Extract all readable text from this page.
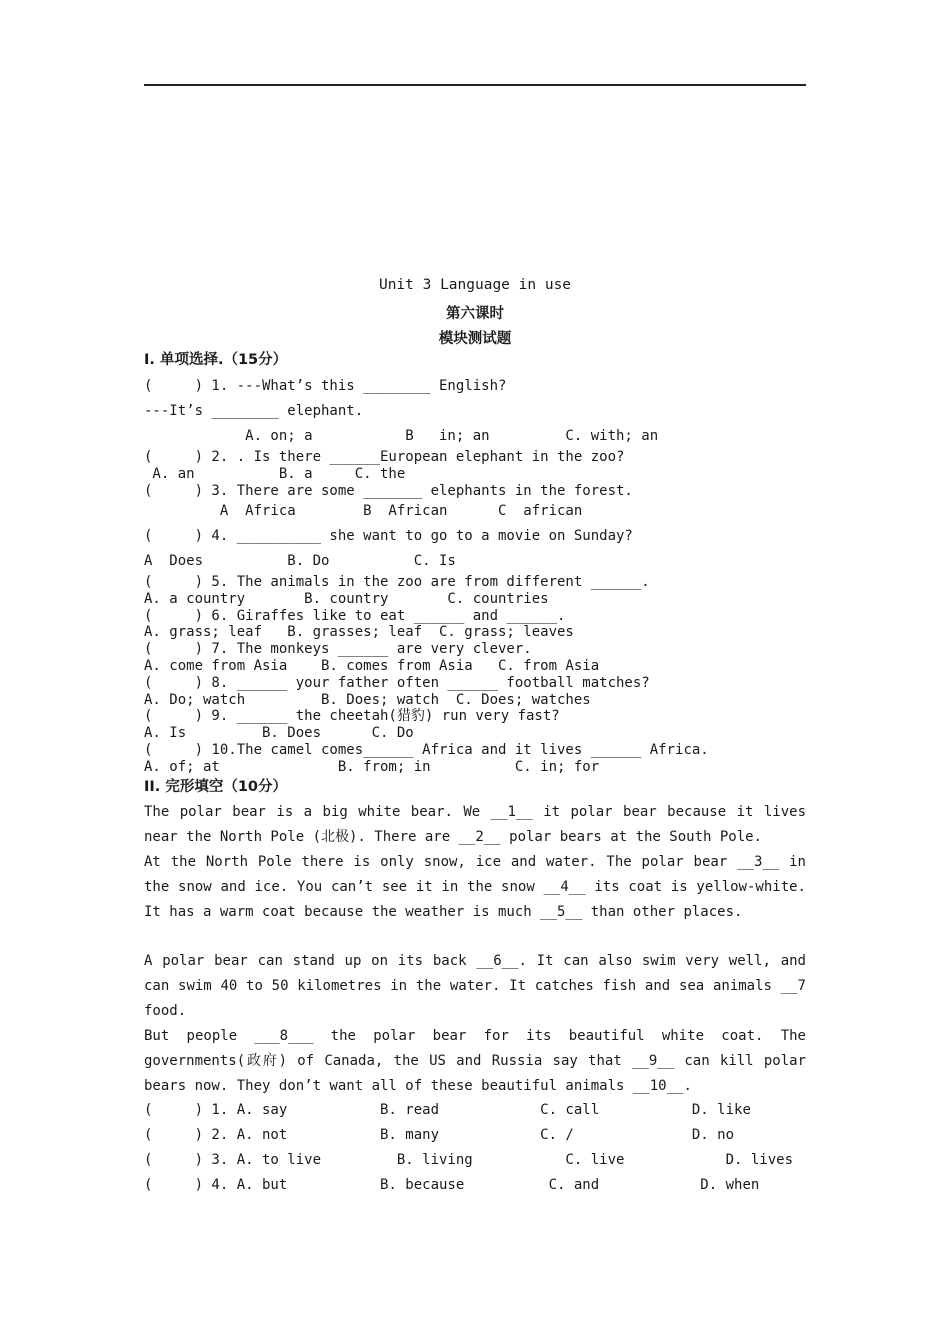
Unit 3 Language in use
第六课时
模块测试题
I. 单项选择.（15分）
(     ) 1. ---What’s this ________ English?
---It’s ________ elephant.
A. on; a           B   in; an         C. with; an
(     ) 2. . Is there ______European elephant in the zoo?
A. an          B. a     C. the
(     ) 3. There are some _______ elephants in the forest.
A  Africa        B  African      C  african
(     ) 4. __________ she want to go to a movie on Sunday?
A  Does          B. Do          C. Is
(     ) 5. The animals in the zoo are from different ______.
A. a country       B. country       C. countries
(     ) 6. Giraffes like to eat ______ and ______.
A. grass; leaf   B. grasses; leaf  C. grass; leaves
(     ) 7. The monkeys ______ are very clever.
A. come from Asia    B. comes from Asia   C. from Asia
(     ) 8. ______ your father often ______ football matches?
A. Do; watch         B. Does; watch  C. Does; watches
(     ) 9. ______ the cheetah(猎豹) run very fast?
A. Is         B. Does      C. Do
(     ) 10.The camel comes______ Africa and it lives ______ Africa.
A. of; at              B. from; in          C. in; for
II. 完形填空（10分）
The polar bear is a big white bear. We __1__ it polar bear because it lives near the North Pole (北极). There are __2__ polar bears at the South Pole.
At the North Pole there is only snow, ice and water. The polar bear __3__ in the snow and ice. You can’t see it in the snow __4__ its coat is yellow-white. It has a warm coat because the weather is much __5__ than other places.
A polar bear can stand up on its back __6__. It can also swim very well, and can swim 40 to 50 kilometres in the water. It catches fish and sea animals __7 food.
But people ___8___ the polar bear for its beautiful white coat. The governments(政府) of Canada, the US and Russia say that __9__ can kill polar bears now. They don’t want all of these beautiful animals __10__.
(     ) 1. A. say           B. read            C. call           D. like
(     ) 2. A. not           B. many            C. /              D. no
(     ) 3. A. to live         B. living           C. live            D. lives
(     ) 4. A. but           B. because          C. and            D. when
